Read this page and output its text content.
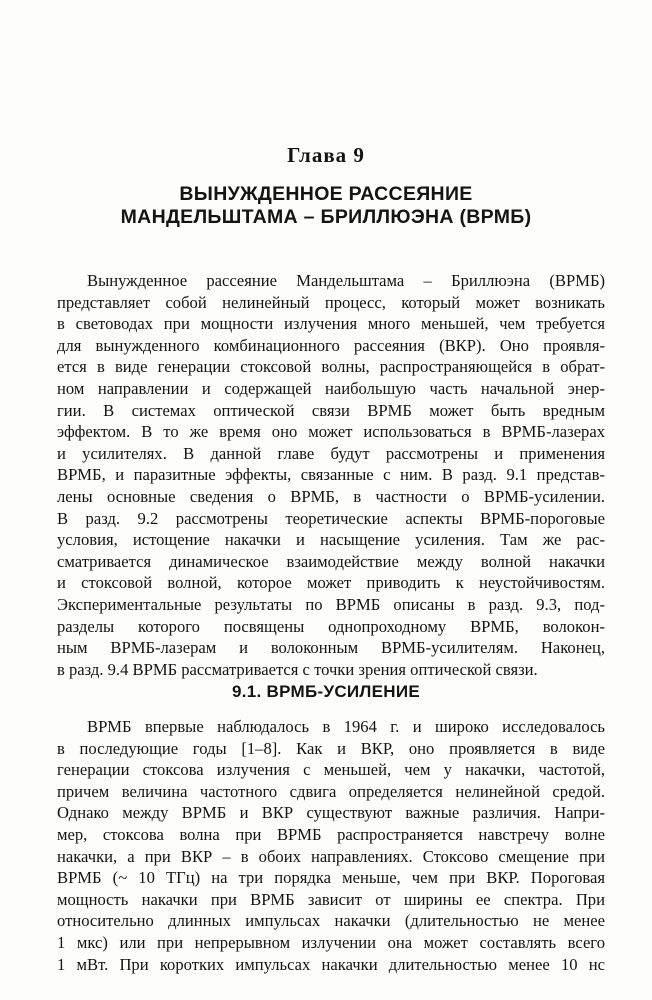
Глава 9
ВЫНУЖДЕННОЕ РАССЕЯНИЕ
МАНДЕЛЬШТАМА – БРИЛЛЮЭНА (ВРМБ)
Вынужденное рассеяние Мандельштама – Бриллюэна (ВРМБ)
представляет собой нелинейный процесс, который может возникать
в световодах при мощности излучения много меньшей, чем требуется
для вынужденного комбинационного рассеяния (ВКР). Оно проявля-
ется в виде генерации стоксовой волны, распространяющейся в обрат-
ном направлении и содержащей наибольшую часть начальной энер-
гии. В системах оптической связи ВРМБ может быть вредным
эффектом. В то же время оно может использоваться в ВРМБ-лазерах
и усилителях. В данной главе будут рассмотрены и применения
ВРМБ, и паразитные эффекты, связанные с ним. В разд. 9.1 представ-
лены основные сведения о ВРМБ, в частности о ВРМБ-усилении.
В разд. 9.2 рассмотрены теоретические аспекты ВРМБ-пороговые
условия, истощение накачки и насыщение усиления. Там же рас-
сматривается динамическое взаимодействие между волной накачки
и стоксовой волной, которое может приводить к неустойчивостям.
Экспериментальные результаты по ВРМБ описаны в разд. 9.3, под-
разделы которого посвящены однопроходному ВРМБ, волокон-
ным ВРМБ-лазерам и волоконным ВРМБ-усилителям. Наконец,
в разд. 9.4 ВРМБ рассматривается с точки зрения оптической связи.
9.1. ВРМБ-УСИЛЕНИЕ
ВРМБ впервые наблюдалось в 1964 г. и широко исследовалось
в последующие годы [1–8]. Как и ВКР, оно проявляется в виде
генерации стоксова излучения с меньшей, чем у накачки, частотой,
причем величина частотного сдвига определяется нелинейной средой.
Однако между ВРМБ и ВКР существуют важные различия. Напри-
мер, стоксова волна при ВРМБ распространяется навстречу волне
накачки, а при ВКР – в обоих направлениях. Стоксово смещение при
ВРМБ (~ 10 ТГц) на три порядка меньше, чем при ВКР. Пороговая
мощность накачки при ВРМБ зависит от ширины ее спектра. При
относительно длинных импульсах накачки (длительностью не менее
1 мкс) или при непрерывном излучении она может составлять всего
1 мВт. При коротких импульсах накачки длительностью менее 10 нс
